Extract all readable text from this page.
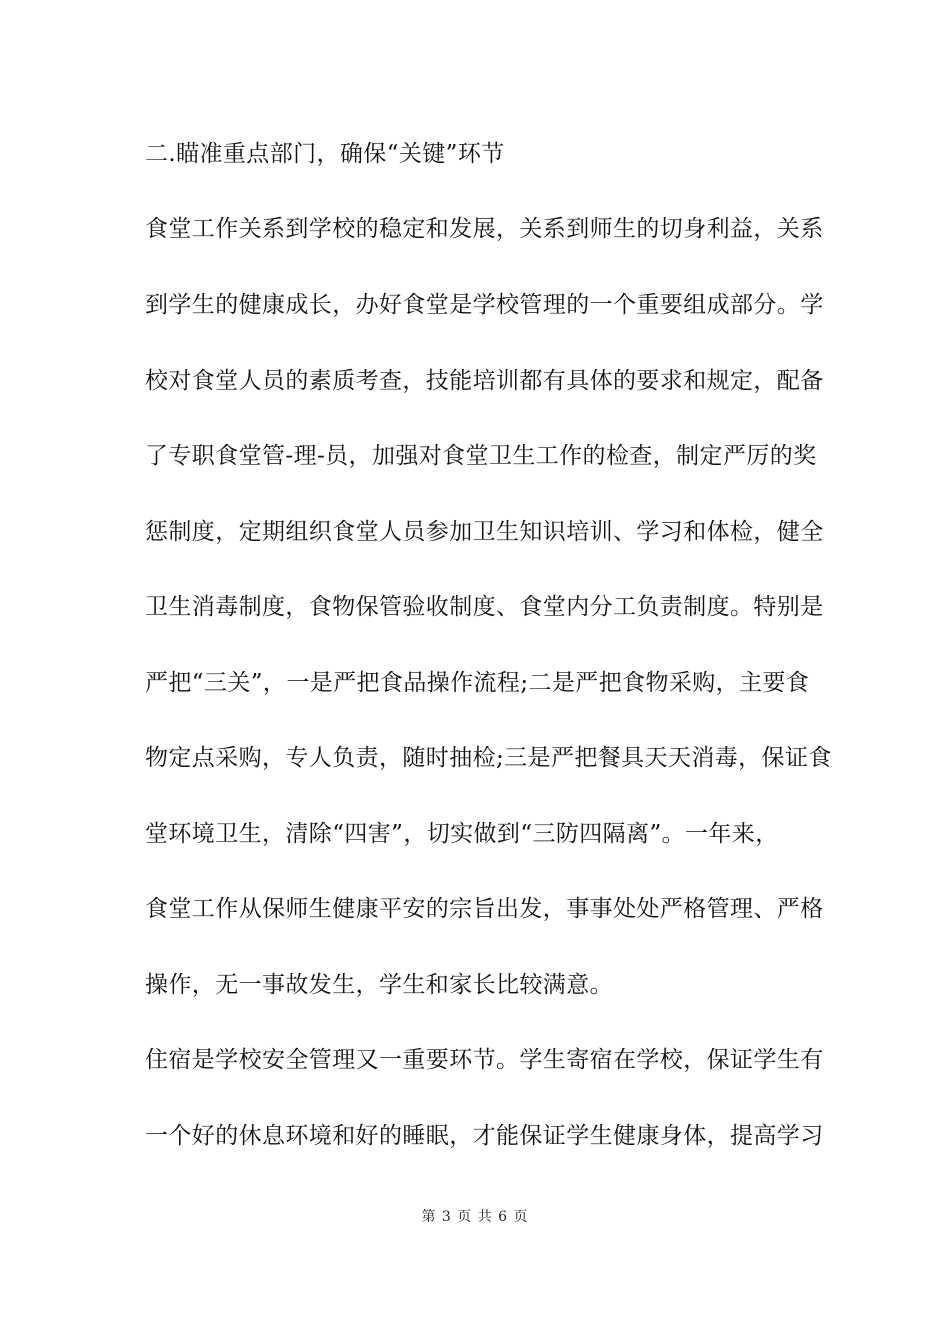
二.瞄准重点部门，确保“关键”环节
食堂工作关系到学校的稳定和发展，关系到师生的切身利益，关系
到学生的健康成长，办好食堂是学校管理的一个重要组成部分。学
校对食堂人员的素质考查，技能培训都有具体的要求和规定，配备
了专职食堂管-理-员，加强对食堂卫生工作的检查，制定严厉的奖
惩制度，定期组织食堂人员参加卫生知识培训、学习和体检，健全
卫生消毒制度，食物保管验收制度、食堂内分工负责制度。特别是
严把“三关”，一是严把食品操作流程;二是严把食物采购，主要食
物定点采购，专人负责，随时抽检;三是严把餐具天天消毒，保证食
堂环境卫生，清除“四害”，切实做到“三防四隔离”。一年来，
食堂工作从保师生健康平安的宗旨出发，事事处处严格管理、严格
操作，无一事故发生，学生和家长比较满意。
住宿是学校安全管理又一重要环节。学生寄宿在学校，保证学生有
一个好的休息环境和好的睡眠，才能保证学生健康身体，提高学习
第 3 页 共 6 页
